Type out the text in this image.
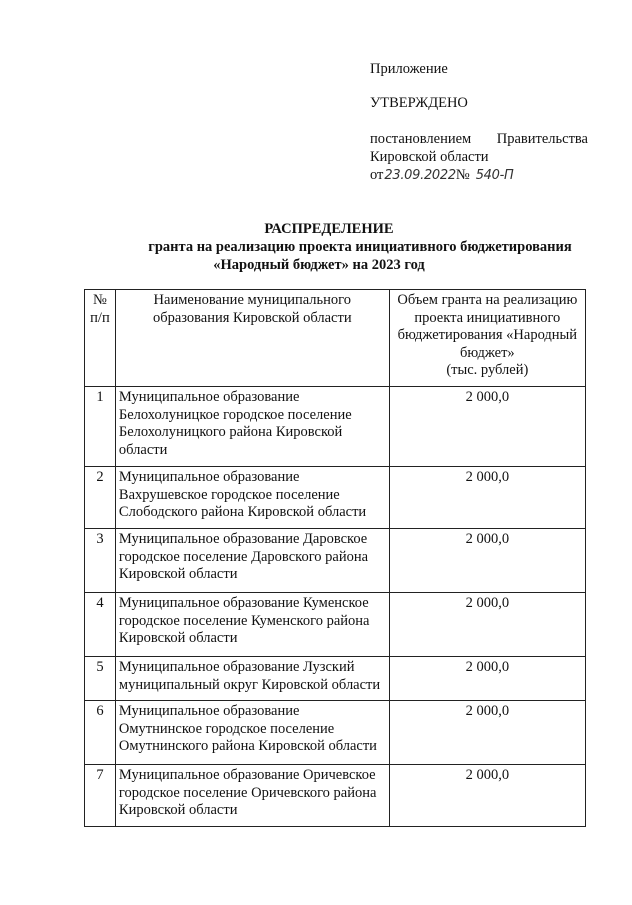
Приложение
УТВЕРЖДЕНО
постановлением Правительства
Кировской области
от 23.09.2022 № 540-П
РАСПРЕДЕЛЕНИЕ
гранта на реализацию проекта инициативного бюджетирования
«Народный бюджет» на 2023 год
№ п/п	Наименование муниципального образования Кировской области	Объем гранта на реализацию проекта инициативного бюджетирования «Народный бюджет»
(тыс. рублей)

1	Муниципальное образование Белохолуницкое городское поселение Белохолуницкого района Кировской области	2 000,0
2	Муниципальное образование Вахрушевское городское поселение Слободского района Кировской области	2 000,0
3	Муниципальное образование Даровское городское поселение Даровского района Кировской области	2 000,0
4	Муниципальное образование Куменское городское поселение Куменского района Кировской области	2 000,0
5	Муниципальное образование Лузский муниципальный округ Кировской области	2 000,0
6	Муниципальное образование Омутнинское городское поселение Омутнинского района Кировской области	2 000,0
7	Муниципальное образование Оричевское городское поселение Оричевского района Кировской области	2 000,0
